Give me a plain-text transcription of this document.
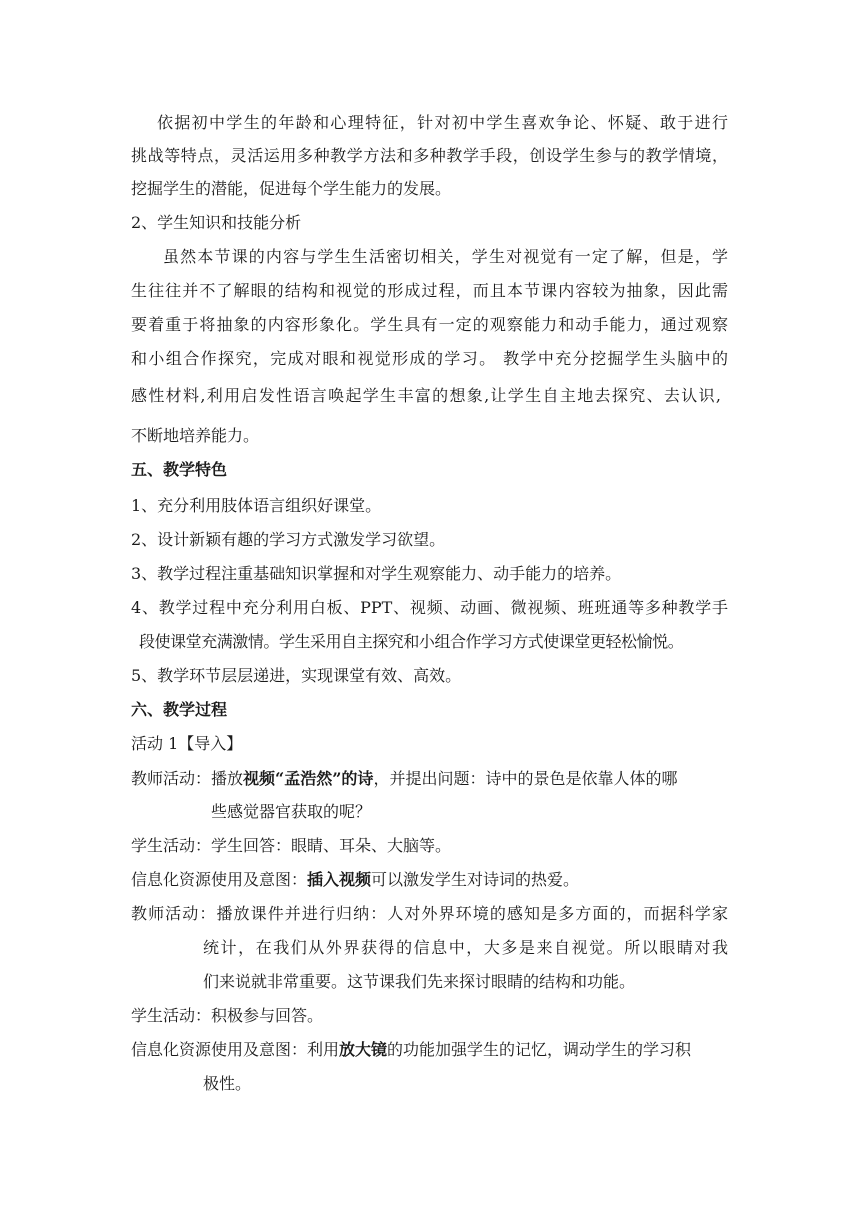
依据初中学生的年龄和心理特征，针对初中学生喜欢争论、怀疑、敢于进行
挑战等特点，灵活运用多种教学方法和多种教学手段，创设学生参与的教学情境，
挖掘学生的潜能，促进每个学生能力的发展。
2、学生知识和技能分析
虽然本节课的内容与学生生活密切相关，学生对视觉有一定了解，但是，学
生往往并不了解眼的结构和视觉的形成过程，而且本节课内容较为抽象，因此需
要着重于将抽象的内容形象化。学生具有一定的观察能力和动手能力，通过观察
和小组合作探究，完成对眼和视觉形成的学习。 教学中充分挖掘学生头脑中的
感性材料,利用启发性语言唤起学生丰富的想象,让学生自主地去探究、去认识,
不断地培养能力。
五、教学特色
1、充分利用肢体语言组织好课堂。
2、设计新颖有趣的学习方式激发学习欲望。
3、教学过程注重基础知识掌握和对学生观察能力、动手能力的培养。
4、教学过程中充分利用白板、PPT、视频、动画、微视频、班班通等多种教学手
段使课堂充满激情。学生采用自主探究和小组合作学习方式使课堂更轻松愉悦。
5、教学环节层层递进，实现课堂有效、高效。
六、教学过程
活动 1【导入】
教师活动：播放视频“孟浩然”的诗，并提出问题：诗中的景色是依靠人体的哪
些感觉器官获取的呢？
学生活动：学生回答：眼睛、耳朵、大脑等。
信息化资源使用及意图：插入视频可以激发学生对诗词的热爱。
教师活动：播放课件并进行归纳：人对外界环境的感知是多方面的，而据科学家
统计，在我们从外界获得的信息中，大多是来自视觉。所以眼睛对我
们来说就非常重要。这节课我们先来探讨眼睛的结构和功能。
学生活动：积极参与回答。
信息化资源使用及意图：利用放大镜的功能加强学生的记忆，调动学生的学习积
极性。
